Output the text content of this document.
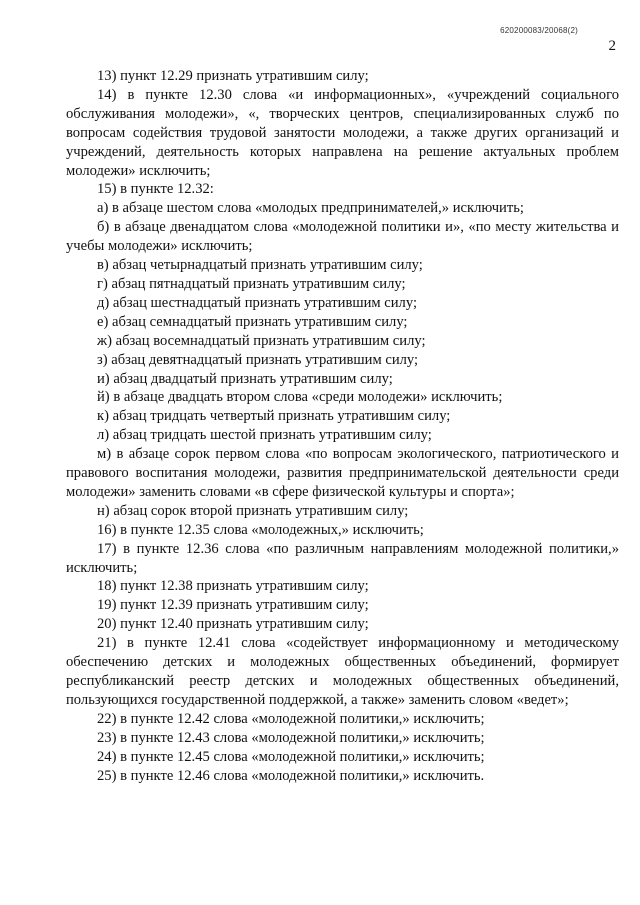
620200083/20068(2)
2

13) пункт 12.29 признать утратившим силу;

14) в пункте 12.30 слова «и информационных», «учреждений социального обслуживания молодежи», «, творческих центров, специализированных служб по вопросам содействия трудовой занятости молодежи, а также других организаций и учреждений, деятельность которых направлена на решение актуальных проблем молодежи» исключить;

15) в пункте 12.32:

а) в абзаце шестом слова «молодых предпринимателей,» исключить;

б) в абзаце двенадцатом слова «молодежной политики и», «по месту жительства и учебы молодежи» исключить;

в) абзац четырнадцатый признать утратившим силу;

г) абзац пятнадцатый признать утратившим силу;

д) абзац шестнадцатый признать утратившим силу;

е) абзац семнадцатый признать утратившим силу;

ж) абзац восемнадцатый признать утратившим силу;

з) абзац девятнадцатый признать утратившим силу;

и) абзац двадцатый признать утратившим силу;

й) в абзаце двадцать втором слова «среди молодежи» исключить;

к) абзац тридцать четвертый признать утратившим силу;

л) абзац тридцать шестой признать утратившим силу;

м) в абзаце сорок первом слова «по вопросам экологического, патриотического и правового воспитания молодежи, развития предпринимательской деятельности среди молодежи» заменить словами «в сфере физической культуры и спорта»;

н) абзац сорок второй признать утратившим силу;

16) в пункте 12.35 слова «молодежных,» исключить;

17) в пункте 12.36 слова «по различным направлениям молодежной политики,» исключить;

18) пункт 12.38 признать утратившим силу;

19) пункт 12.39 признать утратившим силу;

20) пункт 12.40 признать утратившим силу;

21) в пункте 12.41 слова «содействует информационному и методическому обеспечению детских и молодежных общественных объединений, формирует республиканский реестр детских и молодежных общественных объединений, пользующихся государственной поддержкой, а также» заменить словом «ведет»;

22) в пункте 12.42 слова «молодежной политики,» исключить;

23) в пункте 12.43 слова «молодежной политики,» исключить;

24) в пункте 12.45 слова «молодежной политики,» исключить;

25) в пункте 12.46 слова «молодежной политики,» исключить.
